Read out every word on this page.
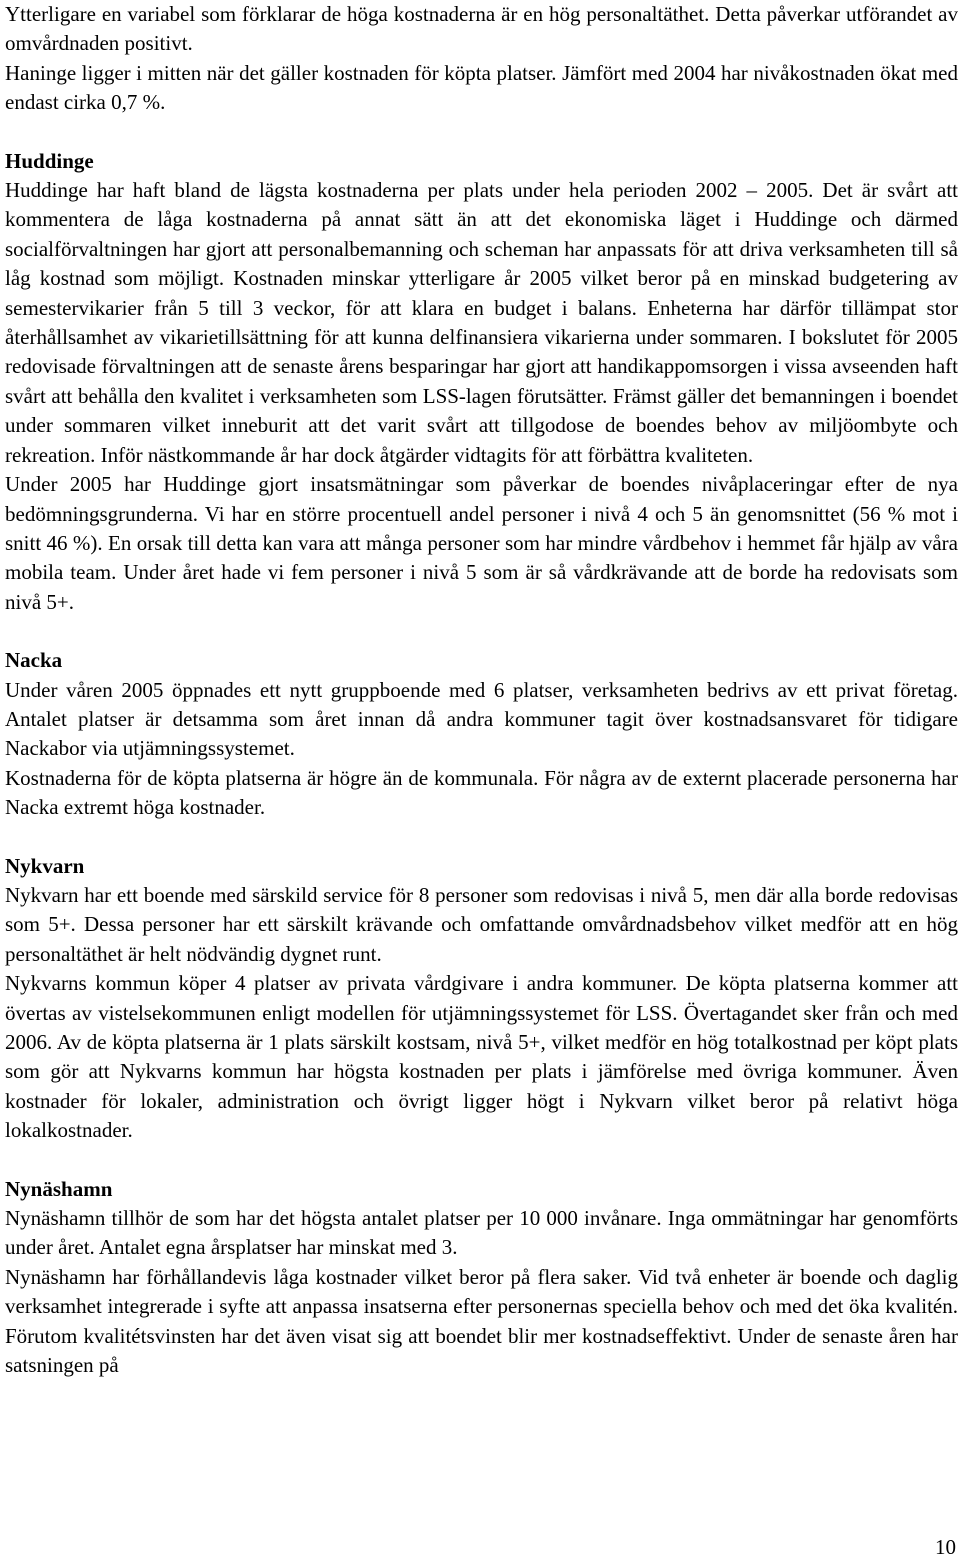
Ytterligare en variabel som förklarar de höga kostnaderna är en hög personaltäthet. Detta påverkar utförandet av omvårdnaden positivt.

Haninge ligger i mitten när det gäller kostnaden för köpta platser. Jämfört med 2004 har nivåkostnaden ökat med endast cirka 0,7 %.

Huddinge

Huddinge har haft bland de lägsta kostnaderna per plats under hela perioden 2002 – 2005. Det är svårt att kommentera de låga kostnaderna på annat sätt än att det ekonomiska läget i Huddinge och därmed socialförvaltningen har gjort att personalbemanning och scheman har anpassats för att driva verksamheten till så låg kostnad som möjligt. Kostnaden minskar ytterligare år 2005 vilket beror på en minskad budgetering av semestervikarier från 5 till 3 veckor, för att klara en budget i balans. Enheterna har därför tillämpat stor återhållsamhet av vikarietillsättning för att kunna delfinansiera vikarierna under sommaren. I bokslutet för 2005 redovisade förvaltningen att de senaste årens besparingar har gjort att handikappomsorgen i vissa avseenden haft svårt att behålla den kvalitet i verksamheten som LSS-lagen förutsätter. Främst gäller det bemanningen i boendet under sommaren vilket inneburit att det varit svårt att tillgodose de boendes behov av miljöombyte och rekreation. Inför nästkommande år har dock åtgärder vidtagits för att förbättra kvaliteten.

Under 2005 har Huddinge gjort insatsmätningar som påverkar de boendes nivåplaceringar efter de nya bedömningsgrunderna. Vi har en större procentuell andel personer i nivå 4 och 5 än genomsnittet (56 % mot i snitt 46 %). En orsak till detta kan vara att många personer som har mindre vårdbehov i hemmet får hjälp av våra mobila team. Under året hade vi fem personer i nivå 5 som är så vårdkrävande att de borde ha redovisats som nivå 5+.

Nacka

Under våren 2005 öppnades ett nytt gruppboende med 6 platser, verksamheten bedrivs av ett privat företag. Antalet platser är detsamma som året innan då andra kommuner tagit över kostnadsansvaret för tidigare Nackabor via utjämningssystemet.

Kostnaderna för de köpta platserna är högre än de kommunala. För några av de externt placerade personerna har Nacka extremt höga kostnader.

Nykvarn

Nykvarn har ett boende med särskild service för 8 personer som redovisas i nivå 5, men där alla borde redovisas som 5+. Dessa personer har ett särskilt krävande och omfattande omvårdnadsbehov vilket medför att en hög personaltäthet är helt nödvändig dygnet runt.

Nykvarns kommun köper 4 platser av privata vårdgivare i andra kommuner. De köpta platserna kommer att övertas av vistelsekommunen enligt modellen för utjämningssystemet för LSS. Övertagandet sker från och med 2006. Av de köpta platserna är 1 plats särskilt kostsam, nivå 5+, vilket medför en hög totalkostnad per köpt plats som gör att Nykvarns kommun har högsta kostnaden per plats i jämförelse med övriga kommuner. Även kostnader för lokaler, administration och övrigt ligger högt i Nykvarn vilket beror på relativt höga lokalkostnader.

Nynäshamn

Nynäshamn tillhör de som har det högsta antalet platser per 10 000 invånare. Inga ommätningar har genomförts under året. Antalet egna årsplatser har minskat med 3.

Nynäshamn har förhållandevis låga kostnader vilket beror på flera saker. Vid två enheter är boende och daglig verksamhet integrerade i syfte att anpassa insatserna efter personernas speciella behov och med det öka kvalitén. Förutom kvalitétsvinsten har det även visat sig att boendet blir mer kostnadseffektivt. Under de senaste åren har satsningen på

10
